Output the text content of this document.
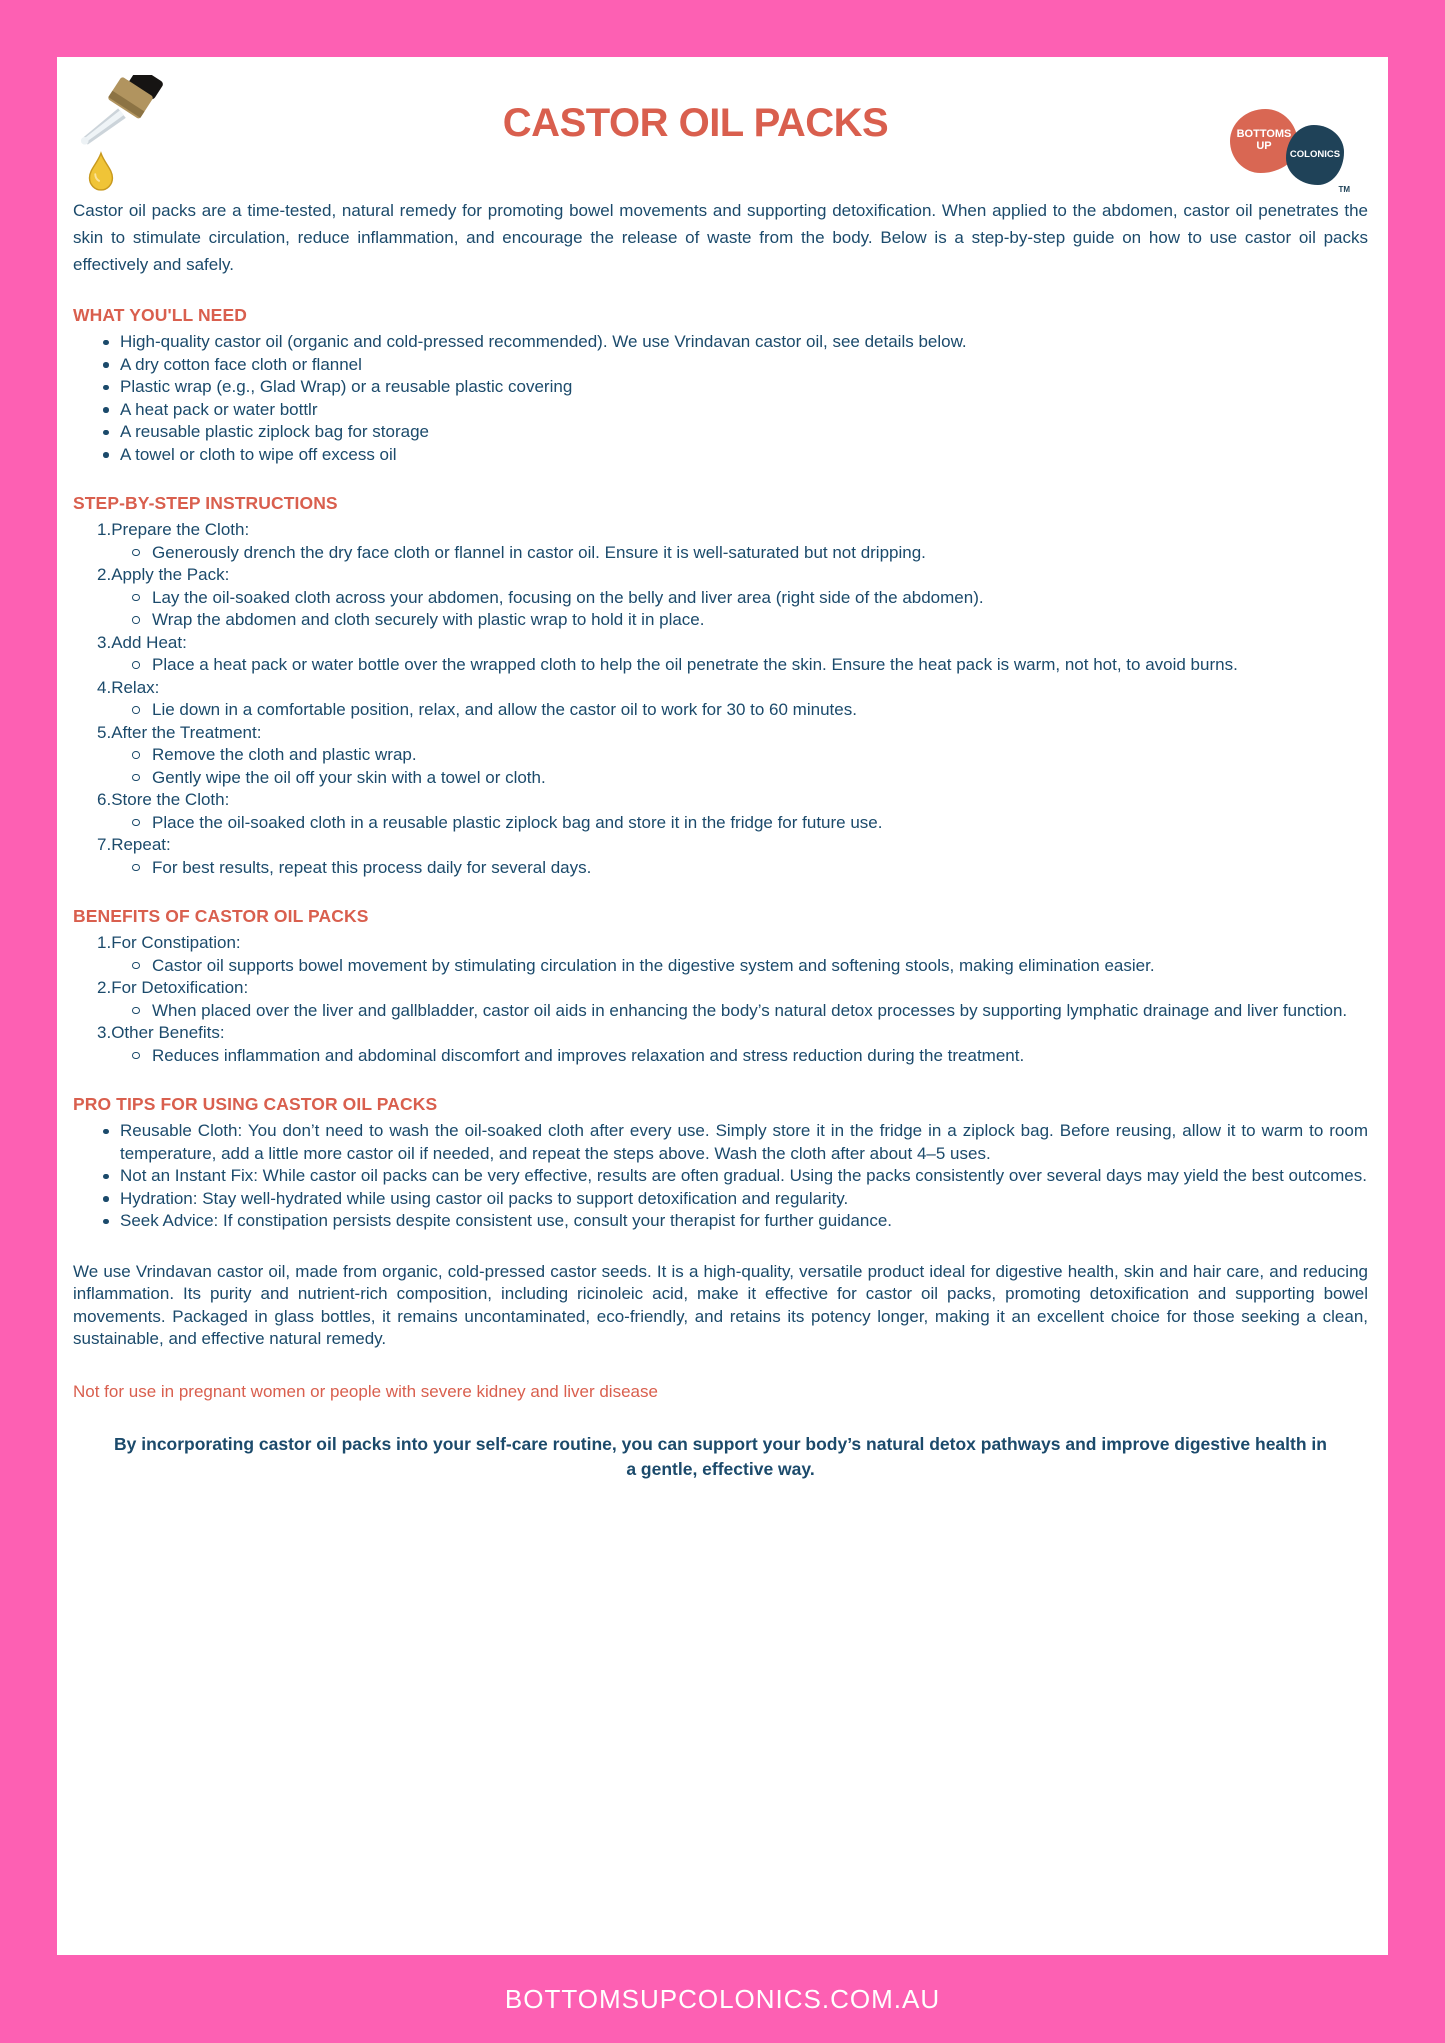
CASTOR OIL PACKS	BOTTOMS
UP
COLONICS
TM

Castor oil packs are a time-tested, natural remedy for promoting bowel movements and supporting detoxification. When applied to the abdomen, castor oil penetrates the skin to stimulate circulation, reduce inflammation, and encourage the release of waste from the body. Below is a step-by-step guide on how to use castor oil packs effectively and safely.

WHAT YOU'LL NEED
High-quality castor oil (organic and cold-pressed recommended). We use Vrindavan castor oil, see details below.
A dry cotton face cloth or flannel
Plastic wrap (e.g., Glad Wrap) or a reusable plastic covering
A heat pack or water bottlr
A reusable plastic ziplock bag for storage
A towel or cloth to wipe off excess oil
STEP-BY-STEP INSTRUCTIONS
Prepare the Cloth:
Generously drench the dry face cloth or flannel in castor oil. Ensure it is well-saturated but not dripping.
Apply the Pack:
Lay the oil-soaked cloth across your abdomen, focusing on the belly and liver area (right side of the abdomen).
Wrap the abdomen and cloth securely with plastic wrap to hold it in place.
Add Heat:
Place a heat pack or water bottle over the wrapped cloth to help the oil penetrate the skin. Ensure the heat pack is warm, not hot, to avoid burns.
Relax:
Lie down in a comfortable position, relax, and allow the castor oil to work for 30 to 60 minutes.
After the Treatment:
Remove the cloth and plastic wrap.
Gently wipe the oil off your skin with a towel or cloth.
Store the Cloth:
Place the oil-soaked cloth in a reusable plastic ziplock bag and store it in the fridge for future use.
Repeat:
For best results, repeat this process daily for several days.
BENEFITS OF CASTOR OIL PACKS
For Constipation:
Castor oil supports bowel movement by stimulating circulation in the digestive system and softening stools, making elimination easier.
For Detoxification:
When placed over the liver and gallbladder, castor oil aids in enhancing the body’s natural detox processes by supporting lymphatic drainage and liver function.
Other Benefits:
Reduces inflammation and abdominal discomfort and improves relaxation and stress reduction during the treatment.
PRO TIPS FOR USING CASTOR OIL PACKS
Reusable Cloth: You don’t need to wash the oil-soaked cloth after every use. Simply store it in the fridge in a ziplock bag. Before reusing, allow it to warm to room temperature, add a little more castor oil if needed, and repeat the steps above. Wash the cloth after about 4–5 uses.
Not an Instant Fix: While castor oil packs can be very effective, results are often gradual. Using the packs consistently over several days may yield the best outcomes.
Hydration: Stay well-hydrated while using castor oil packs to support detoxification and regularity.
Seek Advice: If constipation persists despite consistent use, consult your therapist for further guidance.

We use Vrindavan castor oil, made from organic, cold-pressed castor seeds. It is a high-quality, versatile product ideal for digestive health, skin and hair care, and reducing inflammation. Its purity and nutrient-rich composition, including ricinoleic acid, make it effective for castor oil packs, promoting detoxification and supporting bowel movements. Packaged in glass bottles, it remains uncontaminated, eco-friendly, and retains its potency longer, making it an excellent choice for those seeking a clean, sustainable, and effective natural remedy.

Not for use in pregnant women or people with severe kidney and liver disease

By incorporating castor oil packs into your self-care routine, you can support your body’s natural detox pathways and improve digestive health in a gentle, effective way.

BOTTOMSUPCOLONICS.COM.AU
